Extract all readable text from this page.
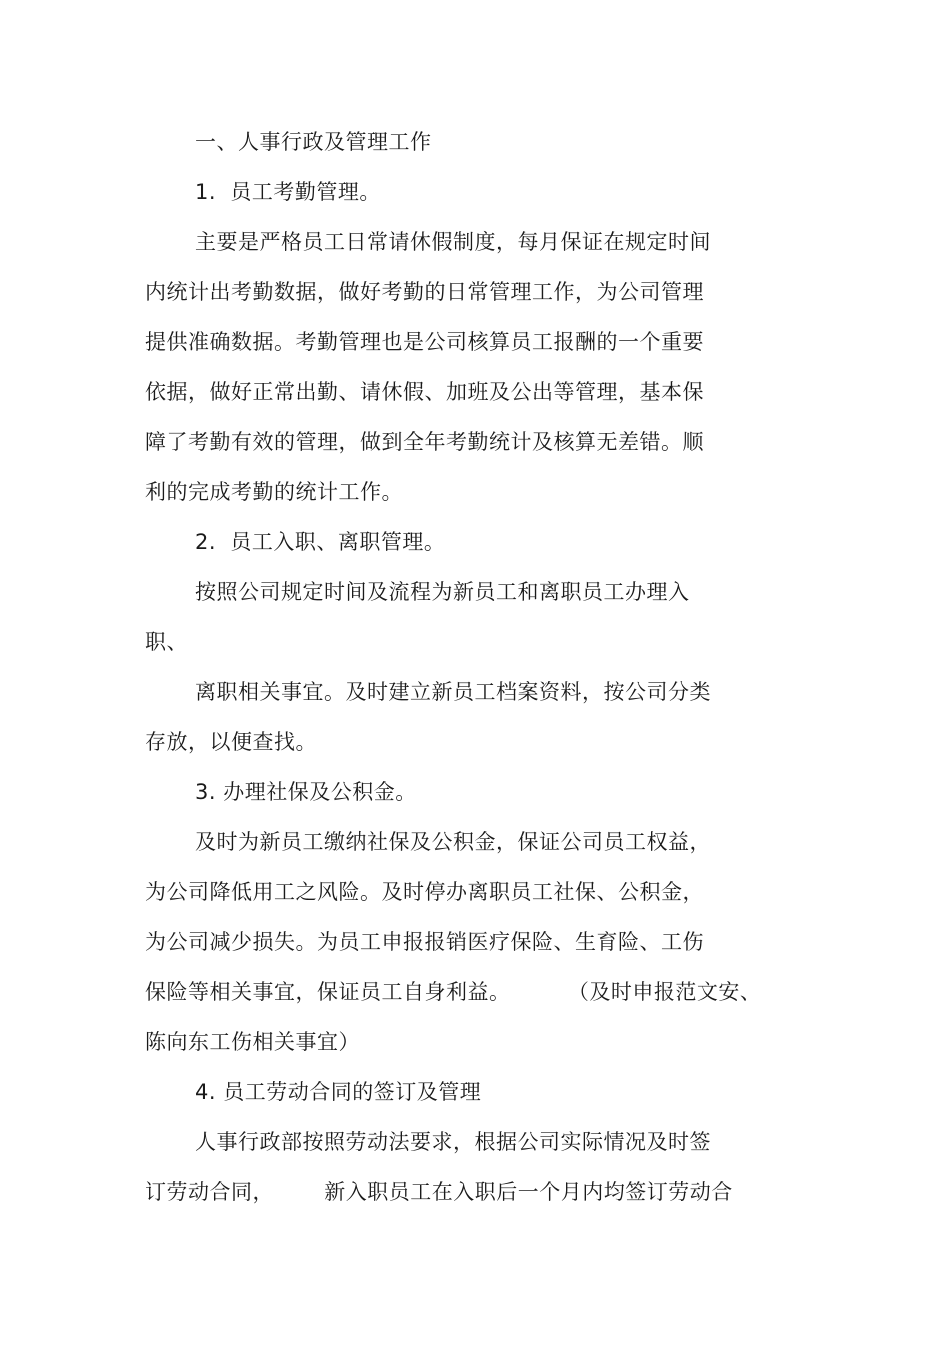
一、人事行政及管理工作
1.  员工考勤管理。
主要是严格员工日常请休假制度，每月保证在规定时间
内统计出考勤数据，做好考勤的日常管理工作，为公司管理
提供准确数据。考勤管理也是公司核算员工报酬的一个重要
依据，做好正常出勤、请休假、加班及公出等管理，基本保
障了考勤有效的管理，做到全年考勤统计及核算无差错。顺
利的完成考勤的统计工作。
2.  员工入职、离职管理。
按照公司规定时间及流程为新员工和离职员工办理入
职、
离职相关事宜。及时建立新员工档案资料，按公司分类
存放，以便查找。
3. 办理社保及公积金。
及时为新员工缴纳社保及公积金，保证公司员工权益，
为公司降低用工之风险。及时停办离职员工社保、公积金，
为公司减少损失。为员工申报报销医疗保险、生育险、工伤
保险等相关事宜，保证员工自身利益。        （及时申报范文安、
陈向东工伤相关事宜）
4. 员工劳动合同的签订及管理
人事行政部按照劳动法要求，根据公司实际情况及时签
订劳动合同，       新入职员工在入职后一个月内均签订劳动合
